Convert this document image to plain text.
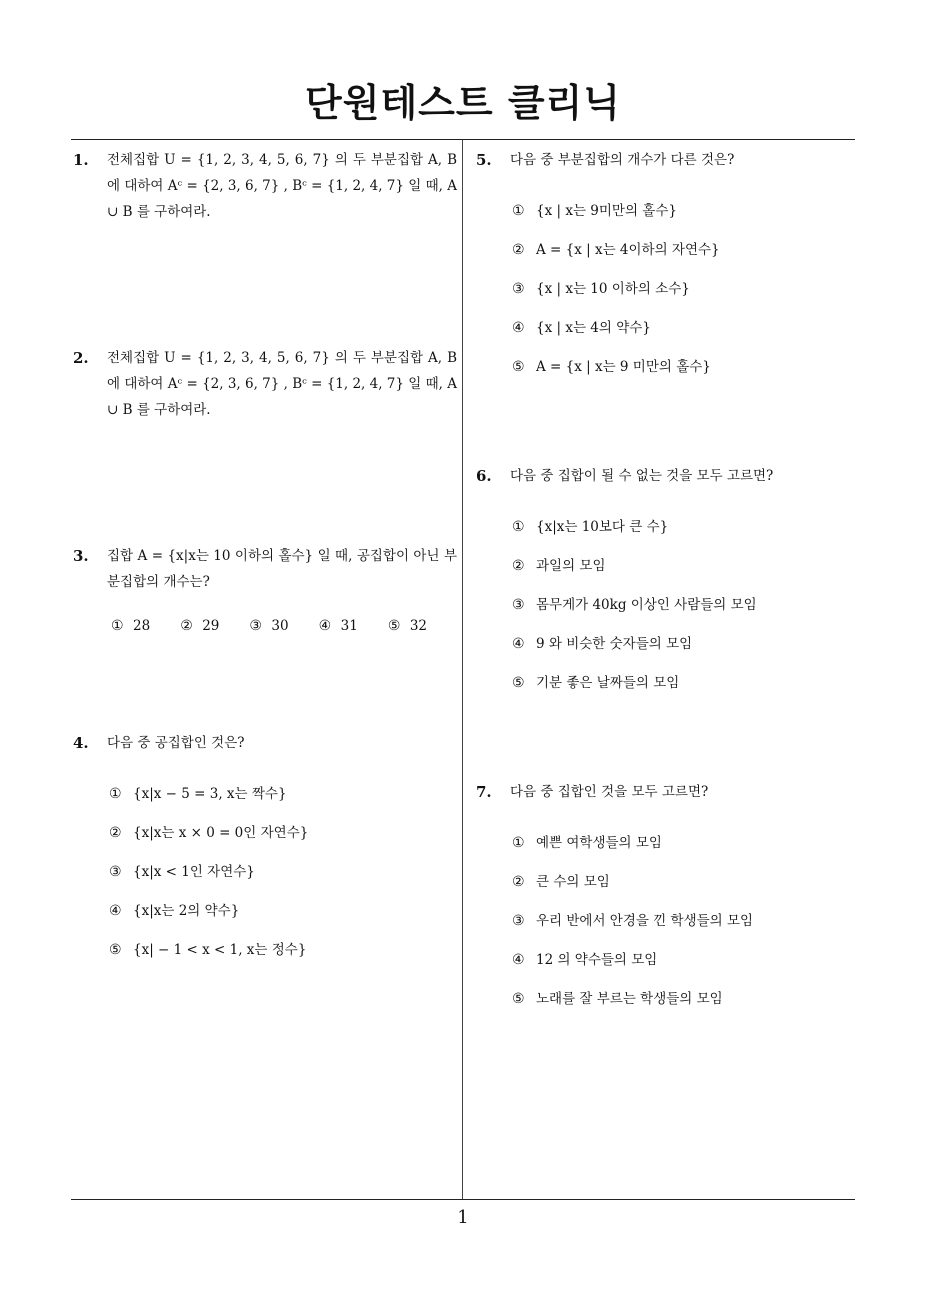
단원테스트 클리닉
1. 전체집합 U = {1, 2, 3, 4, 5, 6, 7} 의 두 부분집합 A, B 에 대하여 Aᶜ = {2, 3, 6, 7} , Bᶜ = {1, 2, 4, 7} 일 때, A ∪ B 를 구하여라.
2. 전체집합 U = {1, 2, 3, 4, 5, 6, 7} 의 두 부분집합 A, B 에 대하여 Aᶜ = {2, 3, 6, 7} , Bᶜ = {1, 2, 4, 7} 일 때, A ∪ B 를 구하여라.
3. 집합 A = {x|x는 10 이하의 홀수} 일 때, 공집합이 아닌 부분집합의 개수는?
① 28 ② 29 ③ 30 ④ 31 ⑤ 32
4. 다음 중 공집합인 것은?
① {x|x − 5 = 3, x는 짝수}
② {x|x는 x × 0 = 0인 자연수}
③ {x|x < 1인 자연수}
④ {x|x는 2의 약수}
⑤ {x| − 1 < x < 1, x는 정수}
5. 다음 중 부분집합의 개수가 다른 것은?
① {x | x는 9미만의 홀수}
② A = {x | x는 4이하의 자연수}
③ {x | x는 10 이하의 소수}
④ {x | x는 4의 약수}
⑤ A = {x | x는 9 미만의 홀수}
6. 다음 중 집합이 될 수 없는 것을 모두 고르면?
① {x|x는 10보다 큰 수}
② 과일의 모임
③ 몸무게가 40kg 이상인 사람들의 모임
④ 9 와 비슷한 숫자들의 모임
⑤ 기분 좋은 날짜들의 모임
7. 다음 중 집합인 것을 모두 고르면?
① 예쁜 여학생들의 모임
② 큰 수의 모임
③ 우리 반에서 안경을 낀 학생들의 모임
④ 12 의 약수들의 모임
⑤ 노래를 잘 부르는 학생들의 모임
1
